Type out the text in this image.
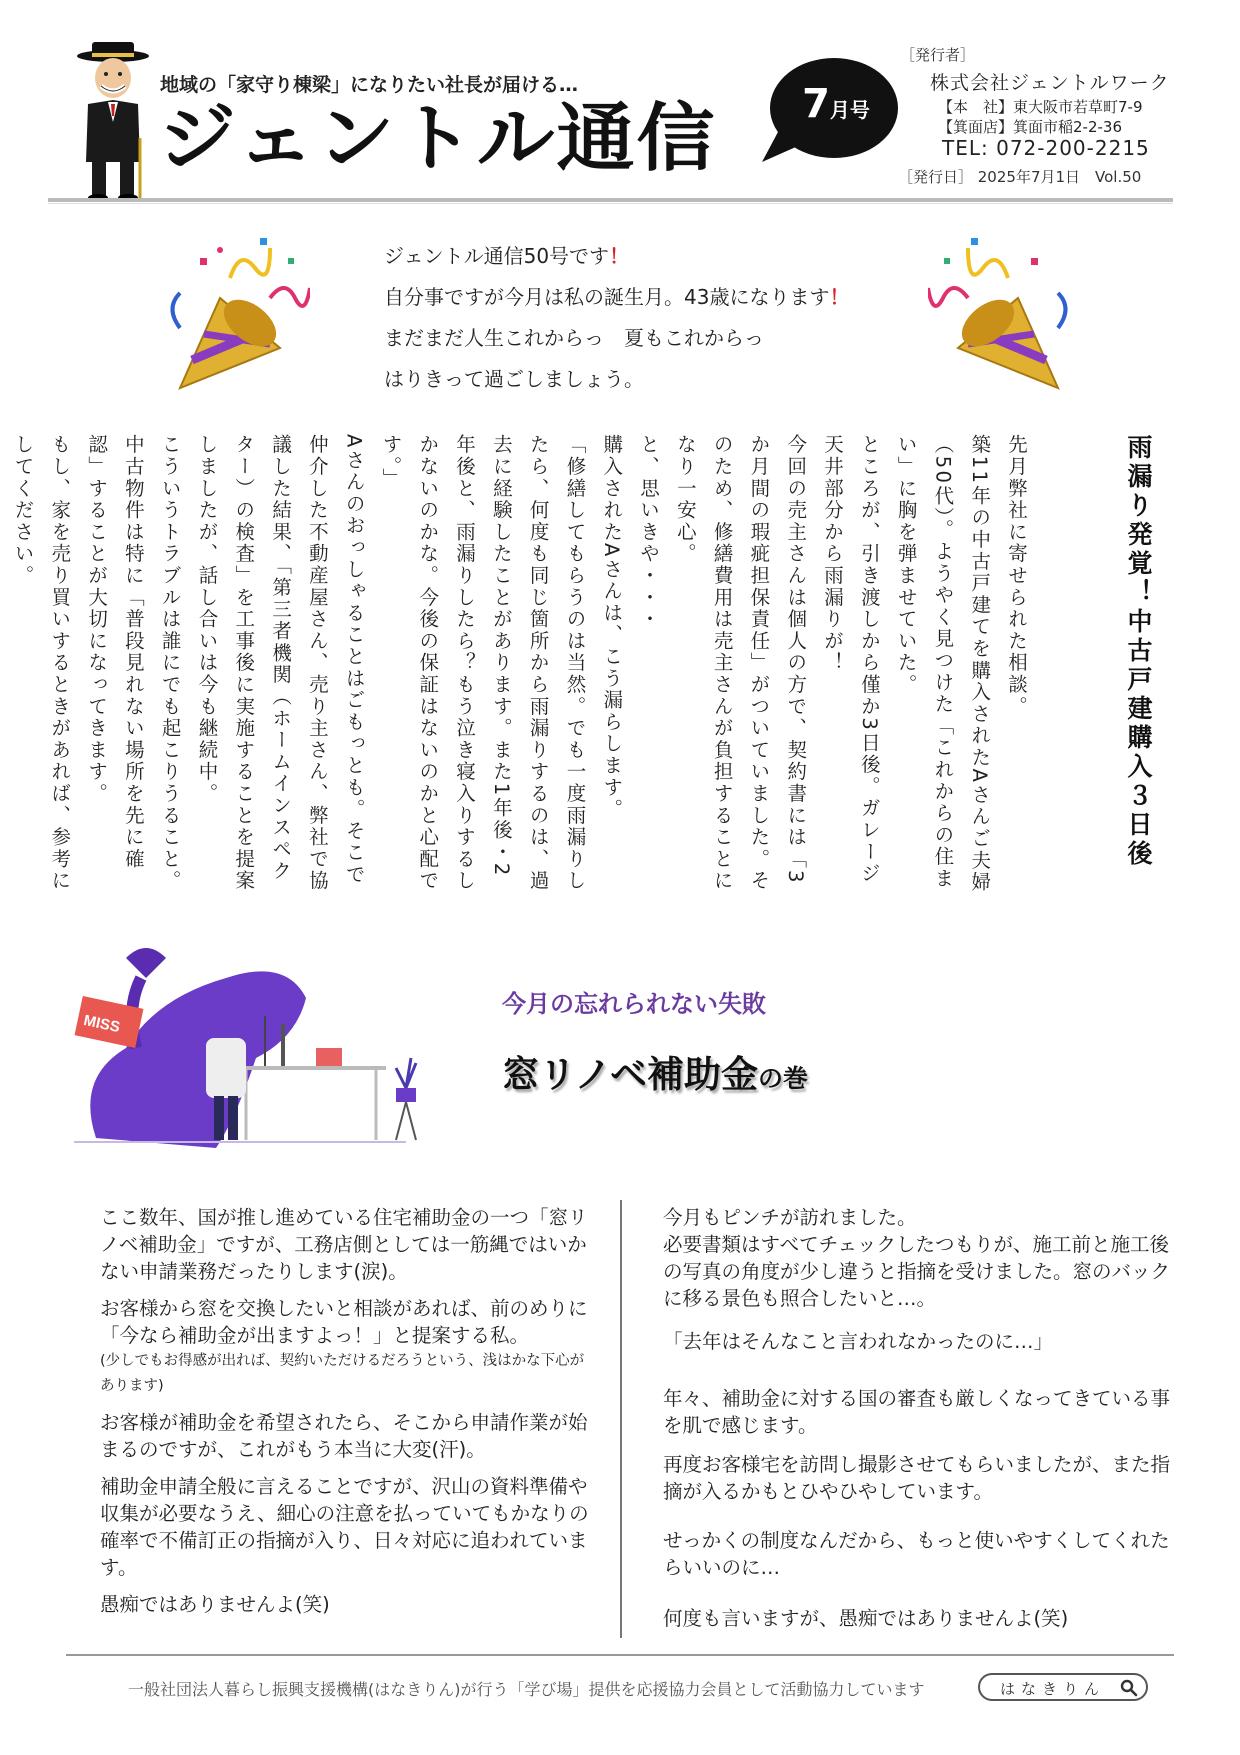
地域の「家守り棟梁」になりたい社長が届ける…
ジェントル通信	7月号
［発行者］
株式会社ジェントルワーク
【本　社】東大阪市若草町7-9
【箕面店】箕面市稲2-2-36
TEL: 072-200-2215
［発行日］ 2025年7月1日　Vol.50

ジェントル通信50号です！

自分事ですが今月は私の誕生月。43歳になります！

まだまだ人生これからっ　夏もこれからっ

はりきって過ごしましょう。

雨漏り発覚！中古戸建購入３日後

先月弊社に寄せられた相談。

築11年の中古戸建てを購入されたAさんご夫婦（50代）。ようやく見つけた「これからの住まい」に胸を弾ませていた。

ところが、引き渡しから僅か3日後。ガレージ天井部分から雨漏りが！

今回の売主さんは個人の方で、契約書には「3か月間の瑕疵担保責任」がついていました。そのため、修繕費用は売主さんが負担することになり一安心。

と、思いきや・・・

購入されたAさんは、こう漏らします。

「修繕してもらうのは当然。でも一度雨漏りしたら、何度も同じ箇所から雨漏りするのは、過去に経験したことがあります。また1年後・2年後と、雨漏りしたら？もう泣き寝入りするしかないのかな。今後の保証はないのかと心配です。」

Aさんのおっしゃることはごもっとも。そこで仲介した不動産屋さん、売り主さん、弊社で協議した結果、「第三者機関（ホームインスペクター）の検査」を工事後に実施することを提案しましたが、話し合いは今も継続中。

こういうトラブルは誰にでも起こりうること。

中古物件は特に「普段見れない場所を先に確認」することが大切になってきます。

もし、家を売り買いするときがあれば、参考にしてください。

MISS
今月の忘れられない失敗
窓リノベ補助金の巻

ここ数年、国が推し進めている住宅補助金の一つ「窓リノベ補助金」ですが、工務店側としては一筋縄ではいかない申請業務だったりします(涙)。

お客様から窓を交換したいと相談があれば、前のめりに「今なら補助金が出ますよっ！」と提案する私。

(少しでもお得感が出れば、契約いただけるだろうという、浅はかな下心があります)

お客様が補助金を希望されたら、そこから申請作業が始まるのですが、これがもう本当に大変(汗)。

補助金申請全般に言えることですが、沢山の資料準備や収集が必要なうえ、細心の注意を払っていてもかなりの確率で不備訂正の指摘が入り、日々対応に追われています。

愚痴ではありませんよ(笑)

今月もピンチが訪れました。
必要書類はすべてチェックしたつもりが、施工前と施工後の写真の角度が少し違うと指摘を受けました。窓のバックに移る景色も照合したいと…。

「去年はそんなこと言われなかったのに…」

年々、補助金に対する国の審査も厳しくなってきている事を肌で感じます。

再度お客様宅を訪問し撮影させてもらいましたが、また指摘が入るかもとひやひやしています。

せっかくの制度なんだから、もっと使いやすくしてくれたらいいのに…

何度も言いますが、愚痴ではありませんよ(笑)

一般社団法人暮らし振興支援機構(はなきりん)が行う「学び場」提供を応援協力会員として活動協力しています	はなきりん
